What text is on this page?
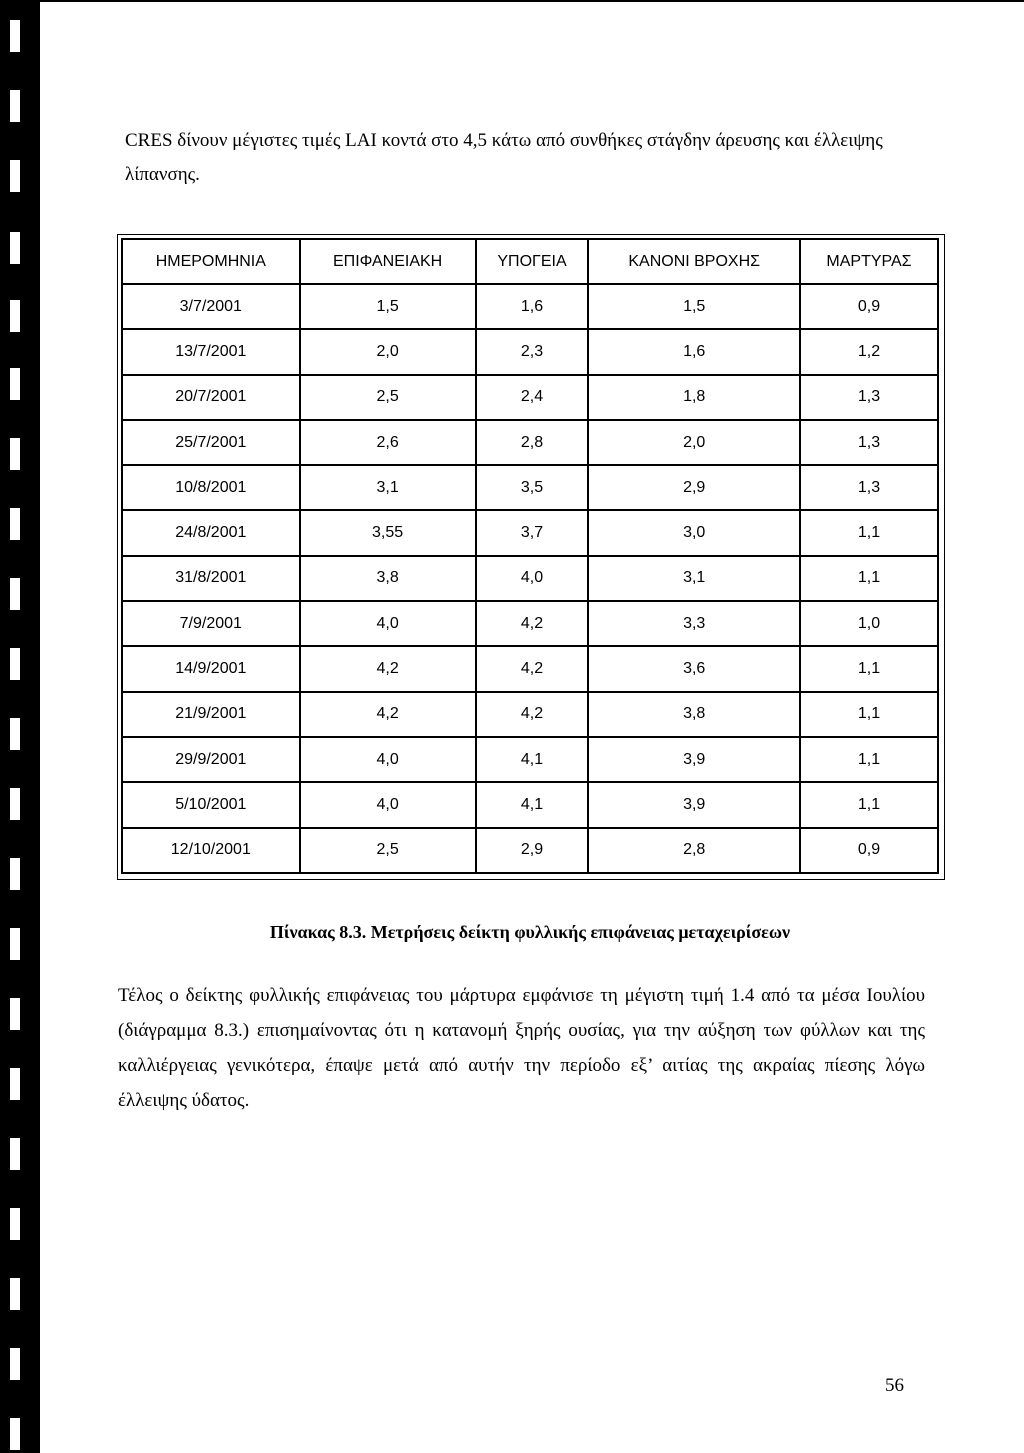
CRES δίνουν μέγιστες τιμές LAI κοντά στο 4,5 κάτω από συνθήκες στάγδην άρευσης και έλλειψης λίπανσης.

ΗΜΕΡΟΜΗΝΙΑ	ΕΠΙΦΑΝΕΙΑΚΗ	ΥΠΟΓΕΙΑ	ΚΑΝΟΝΙ ΒΡΟΧΗΣ	ΜΑΡΤΥΡΑΣ
3/7/2001	1,5	1,6	1,5	0,9
13/7/2001	2,0	2,3	1,6	1,2
20/7/2001	2,5	2,4	1,8	1,3
25/7/2001	2,6	2,8	2,0	1,3
10/8/2001	3,1	3,5	2,9	1,3
24/8/2001	3,55	3,7	3,0	1,1
31/8/2001	3,8	4,0	3,1	1,1
7/9/2001	4,0	4,2	3,3	1,0
14/9/2001	4,2	4,2	3,6	1,1
21/9/2001	4,2	4,2	3,8	1,1
29/9/2001	4,0	4,1	3,9	1,1
5/10/2001	4,0	4,1	3,9	1,1
12/10/2001	2,5	2,9	2,8	0,9
Πίνακας 8.3. Μετρήσεις δείκτη φυλλικής επιφάνειας μεταχειρίσεων

Τέλος ο δείκτης φυλλικής επιφάνειας του μάρτυρα εμφάνισε τη μέγιστη τιμή 1.4 από τα μέσα Ιουλίου (διάγραμμα 8.3.) επισημαίνοντας ότι η κατανομή ξηρής ουσίας, για την αύξηση των φύλλων και της καλλιέργειας γενικότερα, έπαψε μετά από αυτήν την περίοδο εξ’ αιτίας της ακραίας πίεσης λόγω έλλειψης ύδατος.

56
